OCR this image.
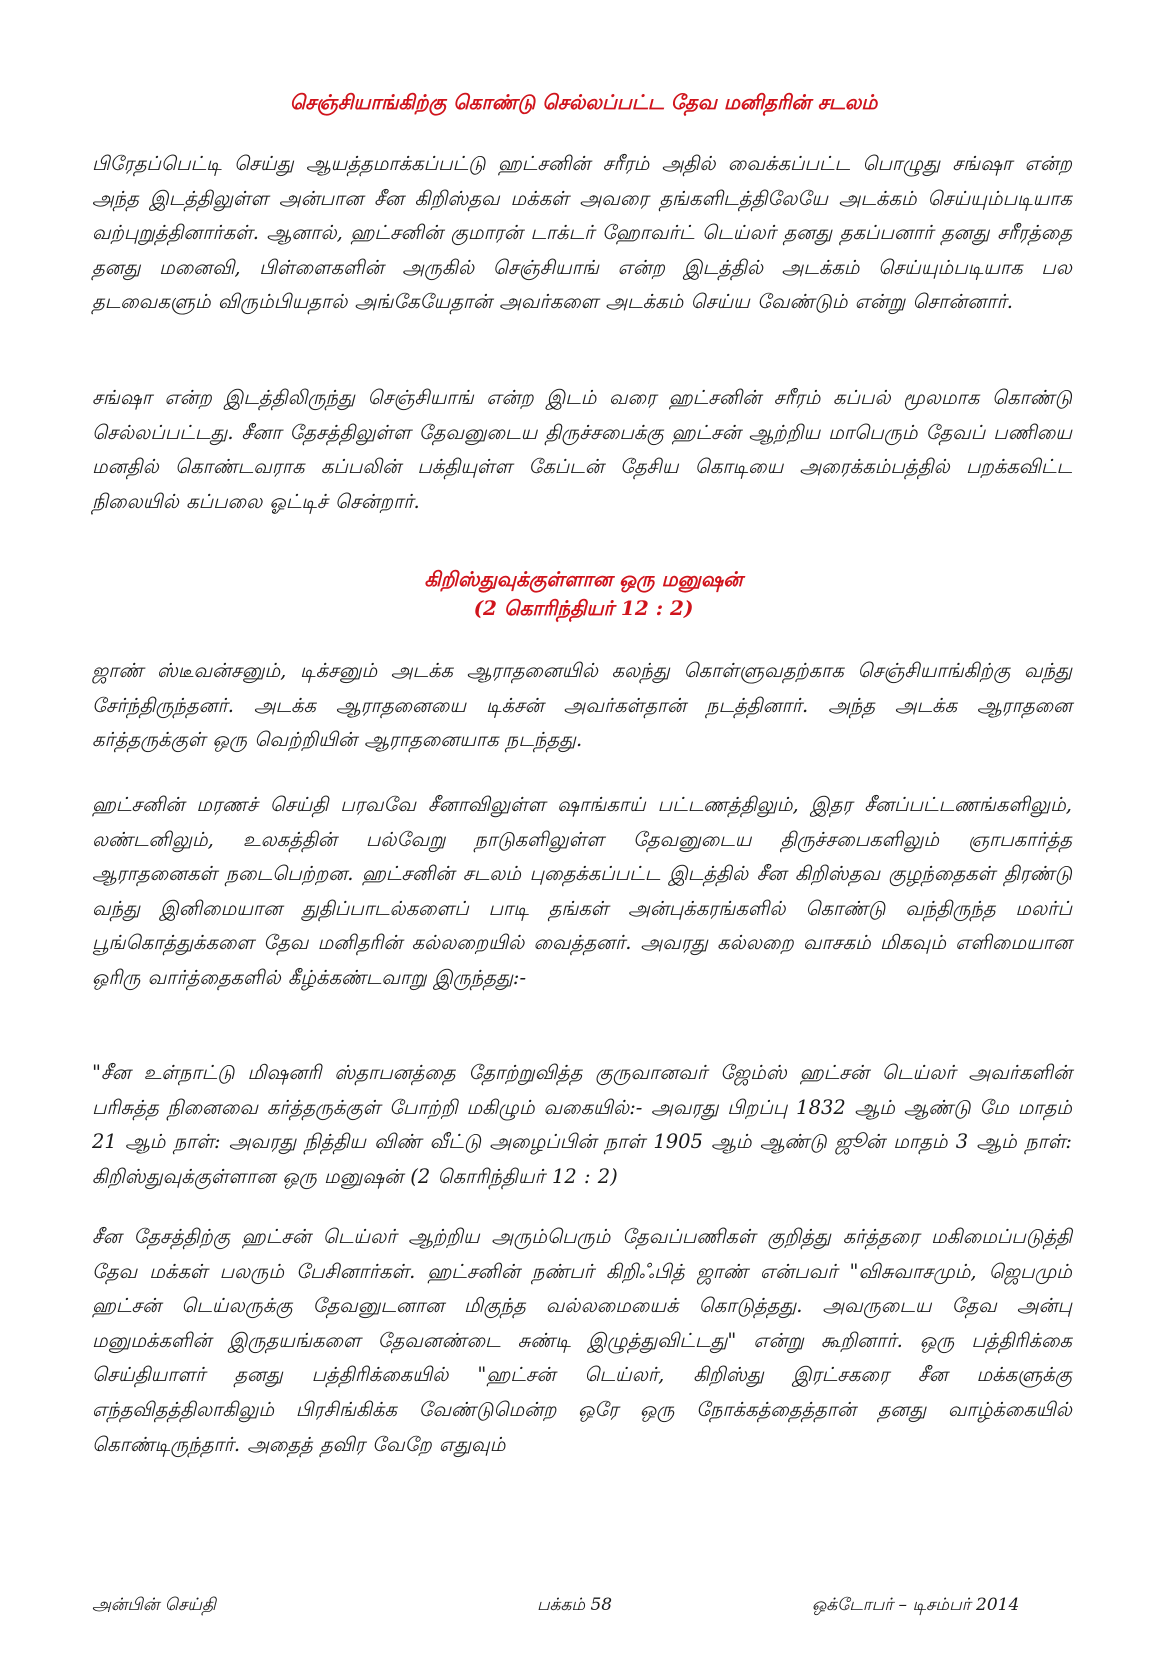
செஞ்சியாங்கிற்கு கொண்டு செல்லப்பட்ட தேவ மனிதரின் சடலம்

பிரேதப்பெட்டி செய்து ஆயத்தமாக்கப்பட்டு ஹட்சனின் சரீரம் அதில் வைக்கப்பட்ட பொழுது சங்ஷா என்ற அந்த இடத்திலுள்ள அன்பான சீன கிறிஸ்தவ மக்கள் அவரை தங்களிடத்திலேயே அடக்கம் செய்யும்படியாக வற்புறுத்தினார்கள். ஆனால், ஹட்சனின் குமாரன் டாக்டர் ஹோவர்ட் டெய்லர் தனது தகப்பனார் தனது சரீரத்தை தனது மனைவி, பிள்ளைகளின் அருகில் செஞ்சியாங் என்ற இடத்தில் அடக்கம் செய்யும்படியாக பல தடவைகளும் விரும்பியதால் அங்கேயேதான் அவர்களை அடக்கம் செய்ய வேண்டும் என்று சொன்னார்.

சங்ஷா என்ற இடத்திலிருந்து செஞ்சியாங் என்ற இடம் வரை ஹட்சனின் சரீரம் கப்பல் மூலமாக கொண்டு செல்லப்பட்டது. சீனா தேசத்திலுள்ள தேவனுடைய திருச்சபைக்கு ஹட்சன் ஆற்றிய மாபெரும் தேவப் பணியை மனதில் கொண்டவராக கப்பலின் பக்தியுள்ள கேப்டன் தேசிய கொடியை அரைக்கம்பத்தில் பறக்கவிட்ட நிலையில் கப்பலை ஓட்டிச் சென்றார்.

கிறிஸ்துவுக்குள்ளான ஒரு மனுஷன்
(2 கொரிந்தியர் 12 : 2)

ஜாண் ஸ்டீவன்சனும், டிக்சனும் அடக்க ஆராதனையில் கலந்து கொள்ளுவதற்காக செஞ்சியாங்கிற்கு வந்து சேர்ந்திருந்தனர். அடக்க ஆராதனையை டிக்சன் அவர்கள்தான் நடத்தினார். அந்த அடக்க ஆராதனை கர்த்தருக்குள் ஒரு வெற்றியின் ஆராதனையாக நடந்தது.

ஹட்சனின் மரணச் செய்தி பரவவே சீனாவிலுள்ள ஷாங்காய் பட்டணத்திலும், இதர சீனப்பட்டணங்களிலும், லண்டனிலும், உலகத்தின் பல்வேறு நாடுகளிலுள்ள தேவனுடைய திருச்சபைகளிலும் ஞாபகார்த்த ஆராதனைகள் நடைபெற்றன. ஹட்சனின் சடலம் புதைக்கப்பட்ட இடத்தில் சீன கிறிஸ்தவ குழந்தைகள் திரண்டு வந்து இனிமையான துதிப்பாடல்களைப் பாடி தங்கள் அன்புக்கரங்களில் கொண்டு வந்திருந்த மலர்ப் பூங்கொத்துக்களை தேவ மனிதரின் கல்லறையில் வைத்தனர். அவரது கல்லறை வாசகம் மிகவும் எளிமையான ஒரிரு வார்த்தைகளில் கீழ்க்கண்டவாறு இருந்தது:-

"சீன உள்நாட்டு மிஷனரி ஸ்தாபனத்தை தோற்றுவித்த குருவானவர் ஜேம்ஸ் ஹட்சன் டெய்லர் அவர்களின் பரிசுத்த நினைவை கர்த்தருக்குள் போற்றி மகிழும் வகையில்:- அவரது பிறப்பு 1832 ஆம் ஆண்டு மே மாதம் 21 ஆம் நாள்: அவரது நித்திய விண் வீட்டு அழைப்பின் நாள் 1905 ஆம் ஆண்டு ஜூன் மாதம் 3 ஆம் நாள்: கிறிஸ்துவுக்குள்ளான ஒரு மனுஷன் (2 கொரிந்தியர் 12 : 2)

சீன தேசத்திற்கு ஹட்சன் டெய்லர் ஆற்றிய அரும்பெரும் தேவப்பணிகள் குறித்து கர்த்தரை மகிமைப்படுத்தி தேவ மக்கள் பலரும் பேசினார்கள். ஹட்சனின் நண்பர் கிறிஃபித் ஜாண் என்பவர் "விசுவாசமும், ஜெபமும் ஹட்சன் டெய்லருக்கு தேவனுடனான மிகுந்த வல்லமையைக் கொடுத்தது. அவருடைய தேவ அன்பு மனுமக்களின் இருதயங்களை தேவனண்டை சுண்டி இழுத்துவிட்டது" என்று கூறினார். ஒரு பத்திரிக்கை செய்தியாளர் தனது பத்திரிக்கையில் "ஹட்சன் டெய்லர், கிறிஸ்து இரட்சகரை சீன மக்களுக்கு எந்தவிதத்திலாகிலும் பிரசிங்கிக்க வேண்டுமென்ற ஒரே ஒரு நோக்கத்தைத்தான் தனது வாழ்க்கையில் கொண்டிருந்தார். அதைத் தவிர வேறே எதுவும்

அன்பின் செய்தி	பக்கம் 58	ஒக்டோபர் – டிசம்பர் 2014
